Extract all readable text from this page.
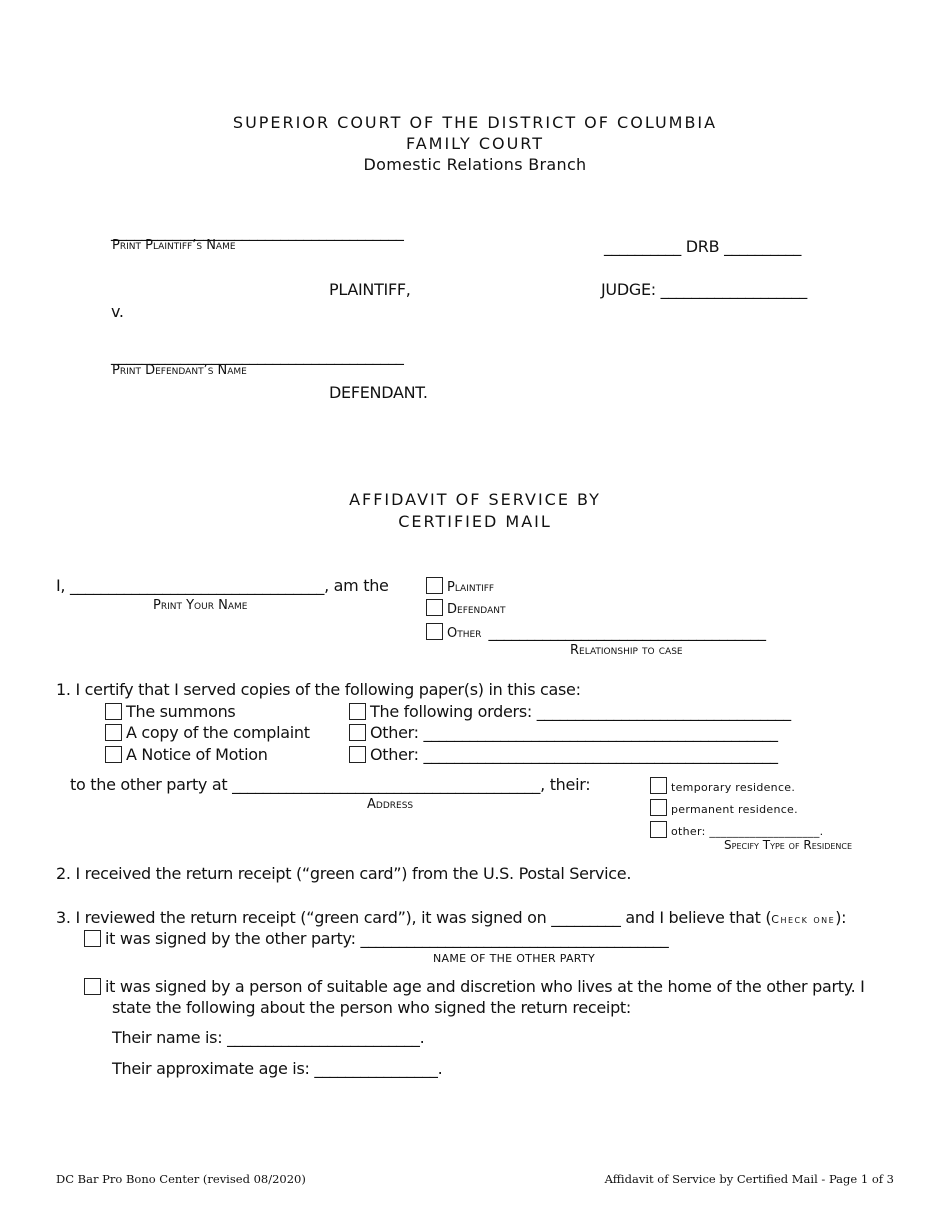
SUPERIOR COURT OF THE DISTRICT OF COLUMBIA
FAMILY COURT
Domestic Relations Branch
______________________________________
Print Plaintiff’s Name
PLAINTIFF,
v.
______________________________________
Print Defendant’s Name
DEFENDANT.
__________ DRB __________
JUDGE: ___________________
AFFIDAVIT OF SERVICE BY
CERTIFIED MAIL
I, _________________________________, am the
Print Your Name
Plaintiff
Defendant
Other ____________________________________
Relationship to case
1. I certify that I served copies of the following paper(s) in this case:
The summons
A copy of the complaint
A Notice of Motion
The following orders: _________________________________
Other: ______________________________________________
Other: ______________________________________________
to the other party at ________________________________________, their:
Address
temporary residence.
permanent residence.
other: ___________________.
Specify Type of Residence
2. I received the return receipt (“green card”) from the U.S. Postal Service.
3. I reviewed the return receipt (“green card”), it was signed on _________ and I believe that (Check one):
it was signed by the other party: ________________________________________
NAME OF THE OTHER PARTY
it was signed by a person of suitable age and discretion who lives at the home of the other party. I
state the following about the person who signed the return receipt:
Their name is: _________________________.
Their approximate age is: ________________.
DC Bar Pro Bono Center (revised 08/2020)	Affidavit of Service by Certified Mail - Page 1 of 3
